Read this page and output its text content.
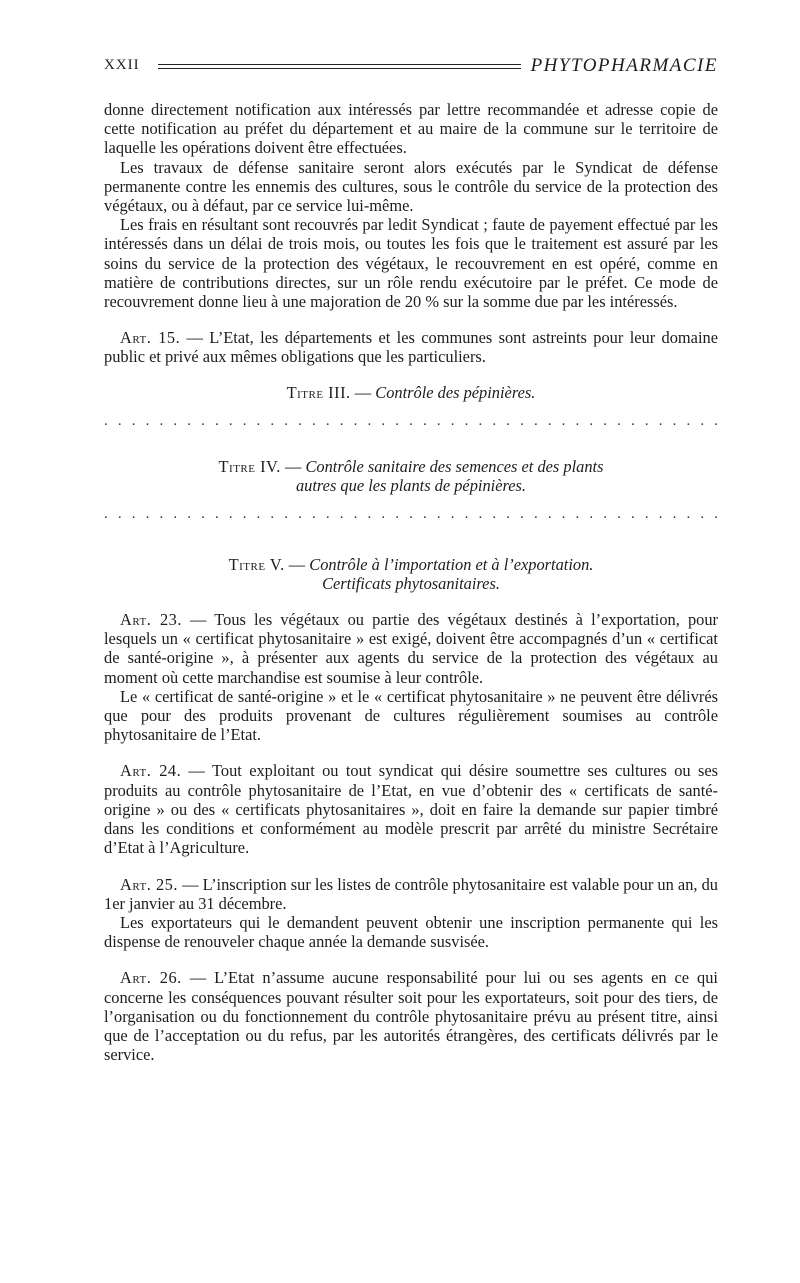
XXII	PHYTOPHARMACIE

donne directement notification aux intéressés par lettre recommandée et adresse copie de cette notification au préfet du département et au maire de la commune sur le territoire de laquelle les opérations doivent être effectuées.

Les travaux de défense sanitaire seront alors exécutés par le Syndicat de défense permanente contre les ennemis des cultures, sous le contrôle du service de la protection des végétaux, ou à défaut, par ce service lui-même.

Les frais en résultant sont recouvrés par ledit Syndicat ; faute de payement effectué par les intéressés dans un délai de trois mois, ou toutes les fois que le traitement est assuré par les soins du service de la protection des végétaux, le recouvrement en est opéré, comme en matière de contributions directes, sur un rôle rendu exécutoire par le préfet. Ce mode de recouvrement donne lieu à une majoration de 20 % sur la somme due par les intéressés.

Art. 15. — L’Etat, les départements et les communes sont astreints pour leur domaine public et privé aux mêmes obligations que les particuliers.

Titre III. — Contrôle des pépinières.

. . . . . . . . . . . . . . . . . . . . . . . . . . . . . . . . . . . . . . . . . . . . .

Titre IV. — Contrôle sanitaire des semences et des plants
autres que les plants de pépinières.

. . . . . . . . . . . . . . . . . . . . . . . . . . . . . . . . . . . . . . . . . . . . .

Titre V. — Contrôle à l’importation et à l’exportation.
Certificats phytosanitaires.

Art. 23. — Tous les végétaux ou partie des végétaux destinés à l’exportation, pour lesquels un « certificat phytosanitaire » est exigé, doivent être accompagnés d’un « certificat de santé-origine », à présenter aux agents du service de la protection des végétaux au moment où cette marchandise est soumise à leur contrôle.

Le « certificat de santé-origine » et le « certificat phytosanitaire » ne peuvent être délivrés que pour des produits provenant de cultures régulièrement soumises au contrôle phytosanitaire de l’Etat.

Art. 24. — Tout exploitant ou tout syndicat qui désire soumettre ses cultures ou ses produits au contrôle phytosanitaire de l’Etat, en vue d’obtenir des « certificats de santé-origine » ou des « certificats phytosanitaires », doit en faire la demande sur papier timbré dans les conditions et conformément au modèle prescrit par arrêté du ministre Secrétaire d’Etat à l’Agriculture.

Art. 25. — L’inscription sur les listes de contrôle phytosanitaire est valable pour un an, du 1er janvier au 31 décembre.

Les exportateurs qui le demandent peuvent obtenir une inscription permanente qui les dispense de renouveler chaque année la demande susvisée.

Art. 26. — L’Etat n’assume aucune responsabilité pour lui ou ses agents en ce qui concerne les conséquences pouvant résulter soit pour les exportateurs, soit pour des tiers, de l’organisation ou du fonctionnement du contrôle phytosanitaire prévu au présent titre, ainsi que de l’acceptation ou du refus, par les autorités étrangères, des certificats délivrés par le service.
